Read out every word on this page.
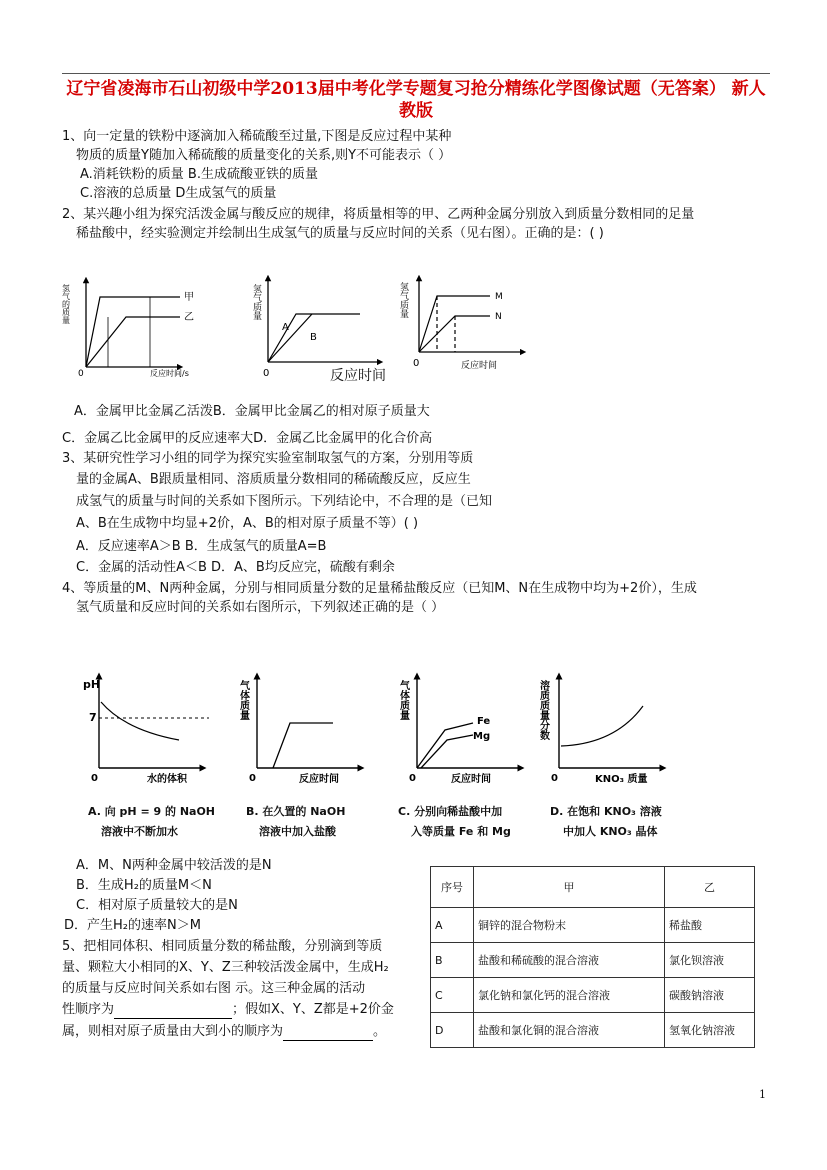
辽宁省凌海市石山初级中学2013届中考化学专题复习抢分精练化学图像试题（无答案） 新人教版
1、向一定量的铁粉中逐滴加入稀硫酸至过量,下图是反应过程中某种
物质的质量Y随加入稀硫酸的质量变化的关系,则Y不可能表示（ ）
A.消耗铁粉的质量 B.生成硫酸亚铁的质量
C.溶液的总质量 D生成氢气的质量
2、某兴趣小组为探究活泼金属与酸反应的规律，将质量相等的甲、乙两种金属分别放入到质量分数相同的足量
稀盐酸中，经实验测定并绘制出生成氢气的质量与反应时间的关系（见右图）。正确的是：( )
氢气的质量
0	反应时间/s
甲
乙	氢气质量
0
A
B
反应时间
氢气质量
0	反应时间
M
N
A．金属甲比金属乙活泼B．金属甲比金属乙的相对原子质量大
C．金属乙比金属甲的反应速率大D．金属乙比金属甲的化合价高
3、某研究性学习小组的同学为探究实验室制取氢气的方案，分别用等质
量的金属A、B跟质量相同、溶质质量分数相同的稀硫酸反应，反应生
成氢气的质量与时间的关系如下图所示。下列结论中，不合理的是（已知
A、B在生成物中均显+2价，A、B的相对原子质量不等）( )
A．反应速率A＞B B．生成氢气的质量A=B
C．金属的活动性A＜B D．A、B均反应完，硫酸有剩余
4、等质量的M、N两种金属，分别与相同质量分数的足量稀盐酸反应（已知M、N在生成物中均为+2价），生成
氢气质量和反应时间的关系如右图所示，下列叙述正确的是（ ）
pH
7
0	水的体积
气体质量
0	反应时间
气体质量
Fe
Mg
0	反应时间
溶质质量分数
0	KNO₃ 质量
A. 向 pH = 9 的 NaOH
溶液中不断加水
B. 在久置的 NaOH
溶液中加入盐酸
C. 分别向稀盐酸中加
入等质量 Fe 和 Mg
D. 在饱和 KNO₃ 溶液
中加人 KNO₃ 晶体
A．M、N两种金属中较活泼的是N
B．生成H₂的质量M＜N
C．相对原子质量较大的是N
D．产生H₂的速率N＞M
5、把相同体积、相同质量分数的稀盐酸，分别滴到等质
量、颗粒大小相同的X、Y、Z三种较活泼金属中，生成H₂
的质量与反应时间关系如右图 示。这三种金属的活动
性顺序为	；假如X、Y、Z都是+2价金
属，则相对原子质量由大到小的顺序为	。
序号	甲	乙
A	铜锌的混合物粉末	稀盐酸
B	盐酸和稀硫酸的混合溶液	氯化钡溶液
C	氯化钠和氯化钙的混合溶液	碳酸钠溶液
D	盐酸和氯化铜的混合溶液	氢氧化钠溶液
1
